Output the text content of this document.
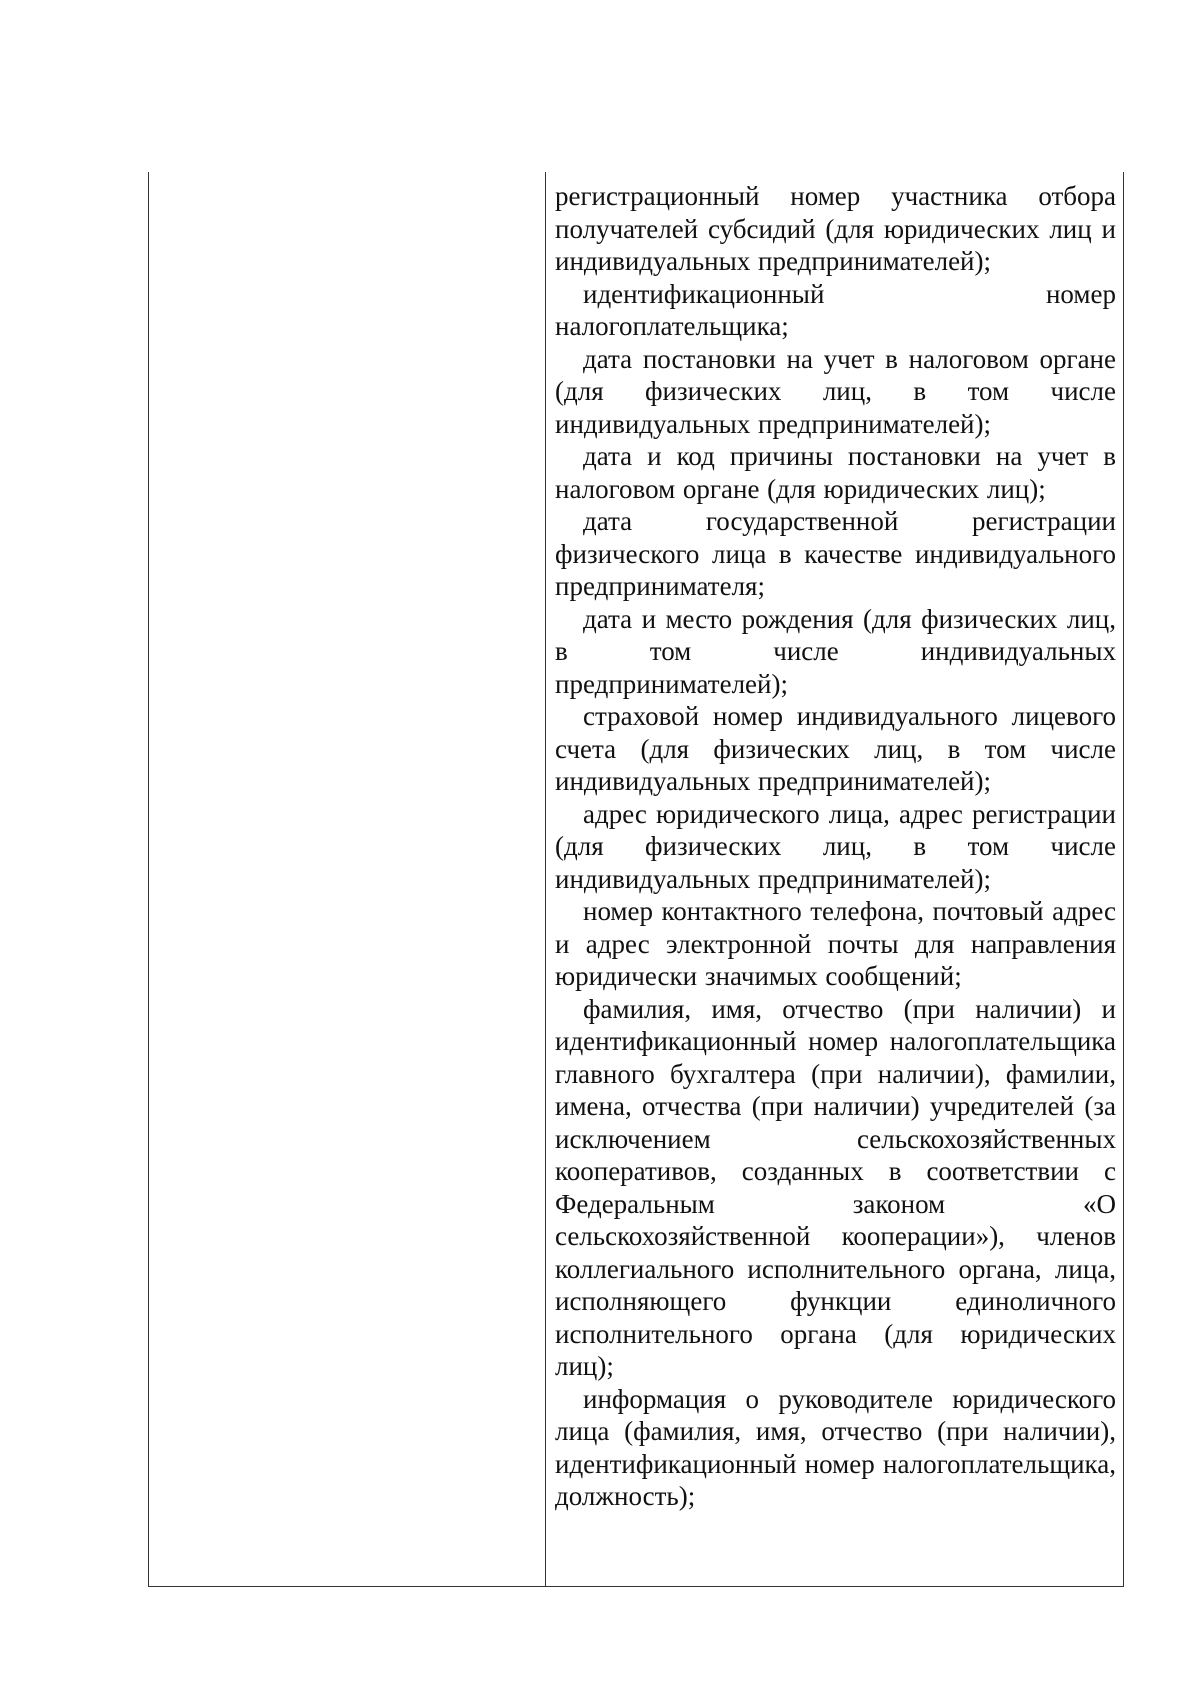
регистрационный номер участника отбора получателей субсидий (для юридических лиц и индивидуальных предпринимателей);

идентификационный номер налогоплательщика;

дата постановки на учет в налоговом органе (для физических лиц, в том числе индивидуальных предпринимателей);

дата и код причины постановки на учет в налоговом органе (для юридических лиц);

дата государственной регистрации физического лица в качестве индивидуального предпринимателя;

дата и место рождения (для физических лиц, в том числе индивидуальных предпринимателей);

страховой номер индивидуального лицевого счета (для физических лиц, в том числе индивидуальных предпринимателей);

адрес юридического лица, адрес регистрации (для физических лиц, в том числе индивидуальных предпринимателей);

номер контактного телефона, почтовый адрес и адрес электронной почты для направления юридически значимых сообщений;

фамилия, имя, отчество (при наличии) и идентификационный номер налогоплательщика главного бухгалтера (при наличии), фамилии, имена, отчества (при наличии) учредителей (за исключением сельскохозяйственных кооперативов, созданных в соответствии с Федеральным законом «О сельскохозяйственной кооперации»), членов коллегиального исполнительного органа, лица, исполняющего функции единоличного исполнительного органа (для юридических лиц);

информация о руководителе юридического лица (фамилия, имя, отчество (при наличии), идентификационный номер налогоплательщика, должность);
